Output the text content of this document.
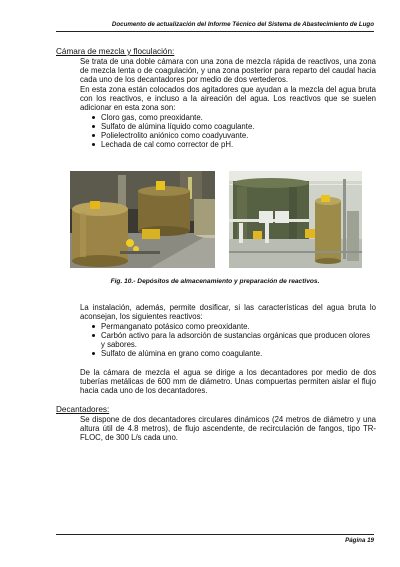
Documento de actualización del Informe Técnico del Sistema de Abastecimiento de Lugo
Cámara de mezcla y floculación:
Se trata de una doble cámara con una zona de mezcla rápida de reactivos, una zona de mezcla lenta o de coagulación, y una zona posterior para reparto del caudal hacia cada uno de los decantadores por medio de dos vertederos.
En esta zona están colocados dos agitadores que ayudan a la mezcla del agua bruta con los reactivos, e incluso a la aireación del agua. Los reactivos que se suelen adicionar en esta zona son:
Cloro gas, como preoxidante.
Sulfato de alúmina líquido como coagulante.
Polielectrolito aniónico como coadyuvante.
Lechada de cal como corrector de pH.
Fig. 10.- Depósitos de almacenamiento y preparación de reactivos.
La instalación, además, permite dosificar, si las características del agua bruta lo aconsejan, los siguientes reactivos:
Permanganato potásico como preoxidante.
Carbón activo para la adsorción de sustancias orgánicas que producen olores y sabores.
Sulfato de alúmina en grano como coagulante.
De la cámara de mezcla el agua se dirige a los decantadores por medio de dos tuberías metálicas de 600 mm de diámetro. Unas compuertas permiten aislar el flujo hacia cada uno de los decantadores.
Decantadores:
Se dispone de dos decantadores circulares dinámicos (24 metros de diámetro y una altura útil de 4.8 metros), de flujo ascendente, de recirculación de fangos, tipo TR-FLOC, de 300 L/s cada uno.
Página 19
